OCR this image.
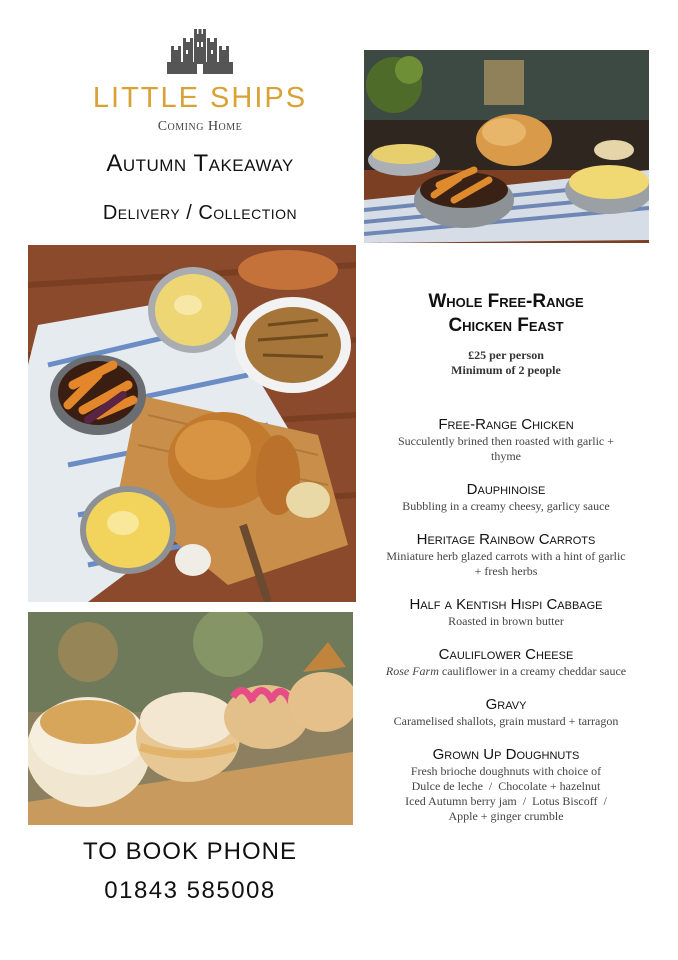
LITTLE SHIPS
Coming Home
Autumn Takeaway
Delivery / Collection
TO BOOK PHONE
01843 585008
Whole Free-Range
Chicken Feast
£25 per person
Minimum of 2 people
Free-Range Chicken
Succulently brined then roasted with garlic + thyme
Dauphinoise
Bubbling in a creamy cheesy, garlicy sauce
Heritage Rainbow Carrots
Miniature herb glazed carrots with a hint of garlic + fresh herbs
Half a Kentish Hispi Cabbage
Roasted in brown butter
Cauliflower Cheese
Rose Farm cauliflower in a creamy cheddar sauce
Gravy
Caramelised shallots, grain mustard + tarragon
Grown Up Doughnuts
Fresh brioche doughnuts with choice of
Dulce de leche  /  Chocolate + hazelnut
Iced Autumn berry jam  /  Lotus Biscoff  /
Apple + ginger crumble
